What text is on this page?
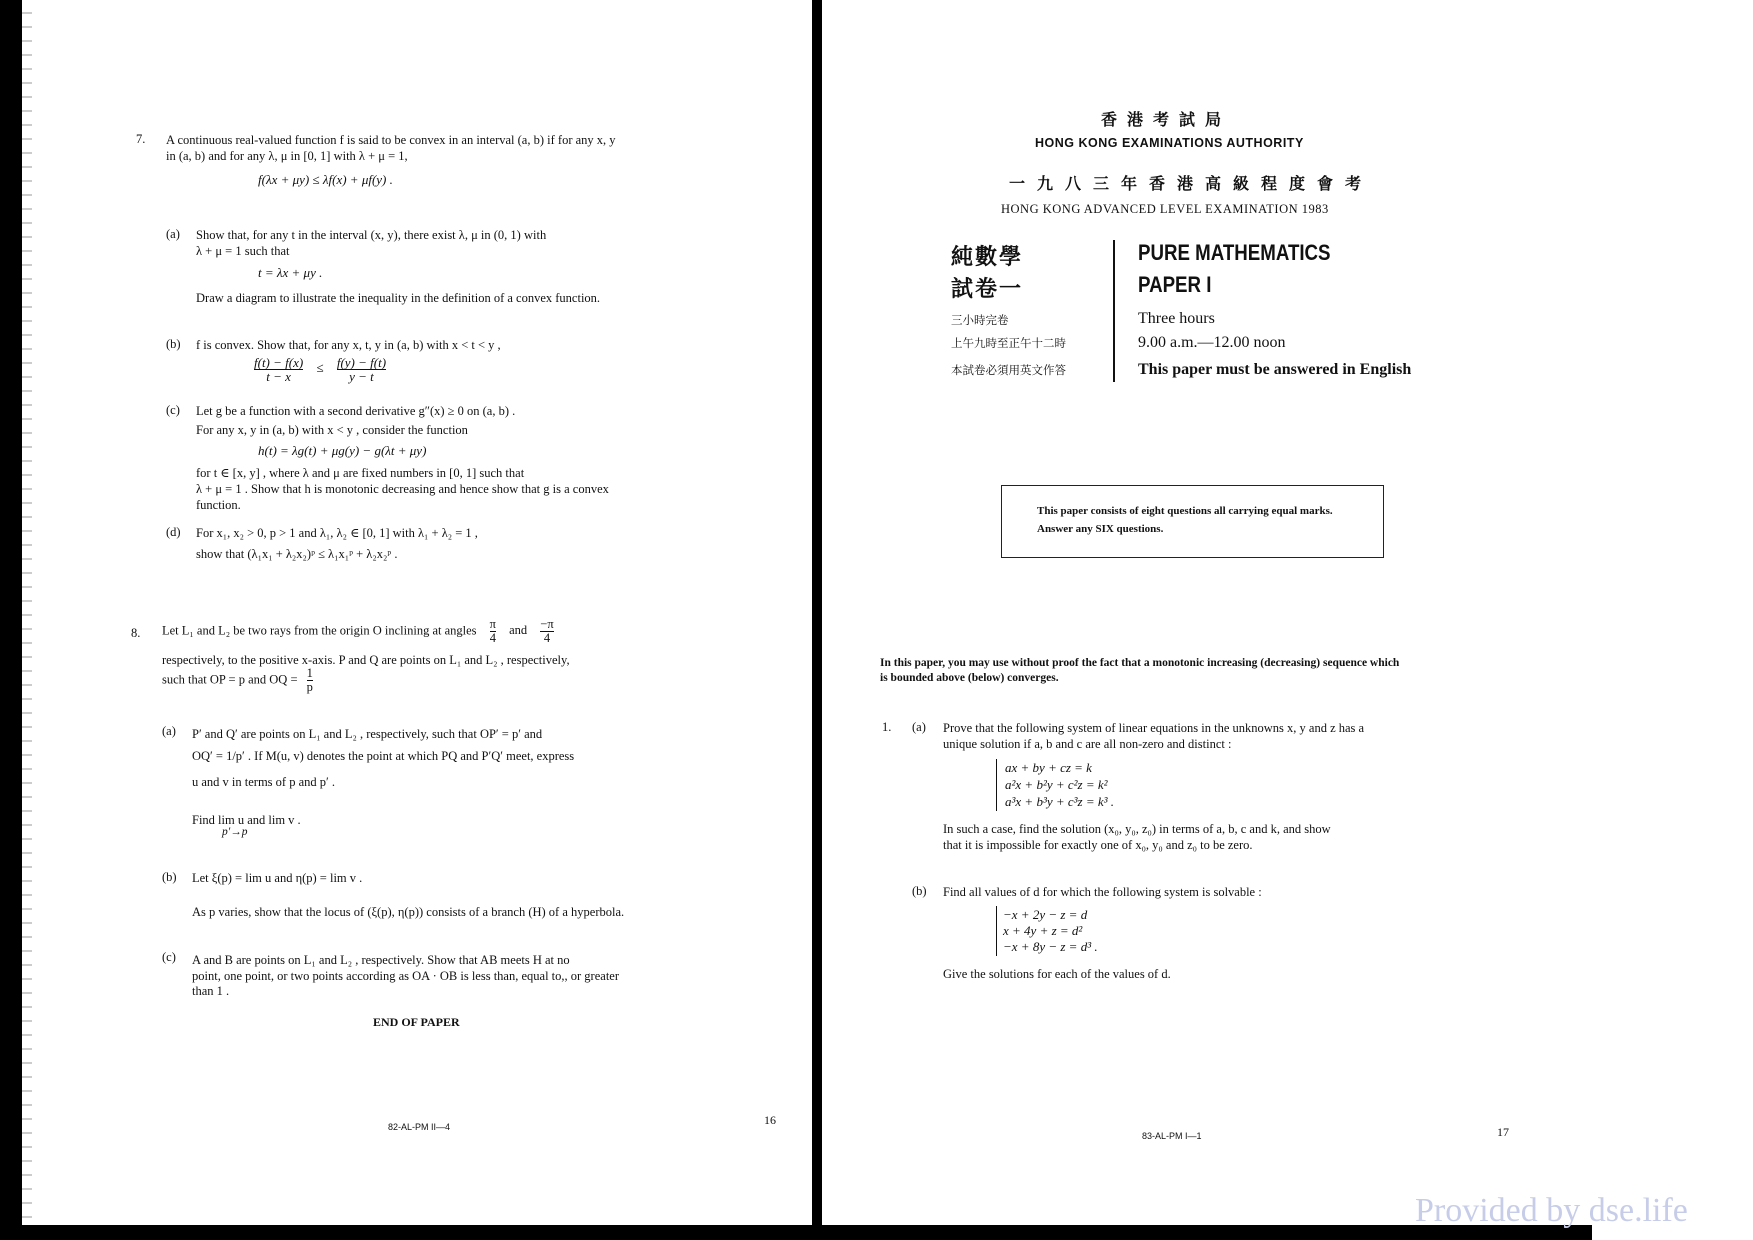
7. A continuous real-valued function f is said to be convex in an interval (a, b) if for any x, y
in (a, b) and for any λ, μ in [0, 1] with λ + μ = 1,
f(λx + μy) ≤ λf(x) + μf(y) .
(a) Show that, for any t in the interval (x, y), there exist λ, μ in (0, 1) with
λ + μ = 1 such that
t = λx + μy .
Draw a diagram to illustrate the inequality in the definition of a convex function.
(b) f is convex. Show that, for any x, t, y in (a, b) with x < t < y ,
$\frac{f(t) - f(x)}{t - x} \le \frac{f(y) - f(t)}{y - t}$
(c) Let g be a function with a second derivative g″(x) ≥ 0 on (a, b) .
For any x, y in (a, b) with x < y , consider the function
h(t) = λg(t) + μg(y) − g(λt + μy)
for t ∈ [x, y] , where λ and μ are fixed numbers in [0, 1] such that
λ + μ = 1 . Show that h is monotonic decreasing and hence show that g is a convex
function.
(d) For x₁, x₂ > 0, p > 1 and λ₁, λ₂ ∈ [0, 1] with λ₁ + λ₂ = 1 ,
show that (λ₁x₁ + λ₂x₂)ᵖ ≤ λ₁x₁ᵖ + λ₂x₂ᵖ .
8. Let L₁ and L₂ be two rays from the origin O inclining at angles $\frac{\pi}{4}$ and $\frac{-\pi}{4}$
respectively, to the positive x-axis. P and Q are points on L₁ and L₂ , respectively,
such that OP = p and OQ = $\frac{1}{p}$
(a) P′ and Q′ are points on L₁ and L₂ , respectively, such that OP′ = p′ and
OQ′ = 1/p′ . If M(u, v) denotes the point at which PQ and P′Q′ meet, express
u and v in terms of p and p′ .
Find lim u and lim v .
p′→p
(b) Let ξ(p) = lim u and η(p) = lim v .
As p varies, show that the locus of (ξ(p), η(p)) consists of a branch (H) of a hyperbola.
(c) A and B are points on L₁ and L₂ , respectively. Show that AB meets H at no
point, one point, or two points according as OA · OB is less than, equal to,, or greater
than 1 .
END OF PAPER
82-AL-PM II—4	16
香港考試局
HONG KONG EXAMINATIONS AUTHORITY
一九八三年香港高級程度會考
HONG KONG ADVANCED LEVEL EXAMINATION 1983
純數學
試卷一
PURE MATHEMATICS
PAPER I
三小時完卷
上午九時至正午十二時
本試卷必須用英文作答
Three hours
9.00 a.m.—12.00 noon
This paper must be answered in English
This paper consists of eight questions all carrying equal marks.
Answer any SIX questions.
In this paper, you may use without proof the fact that a monotonic increasing (decreasing) sequence which
is bounded above (below) converges.
1. (a) Prove that the following system of linear equations in the unknowns x, y and z has a
unique solution if a, b and c are all non-zero and distinct :
ax + by + cz = k
a²x + b²y + c²z = k²
a³x + b³y + c³z = k³ .
In such a case, find the solution (x₀, y₀, z₀) in terms of a, b, c and k, and show
that it is impossible for exactly one of x₀, y₀ and z₀ to be zero.
(b) Find all values of d for which the following system is solvable :
−x + 2y − z = d
x + 4y + z = d²
−x + 8y − z = d³ .
Give the solutions for each of the values of d.
83-AL-PM I—1	17
Provided by dse.life
